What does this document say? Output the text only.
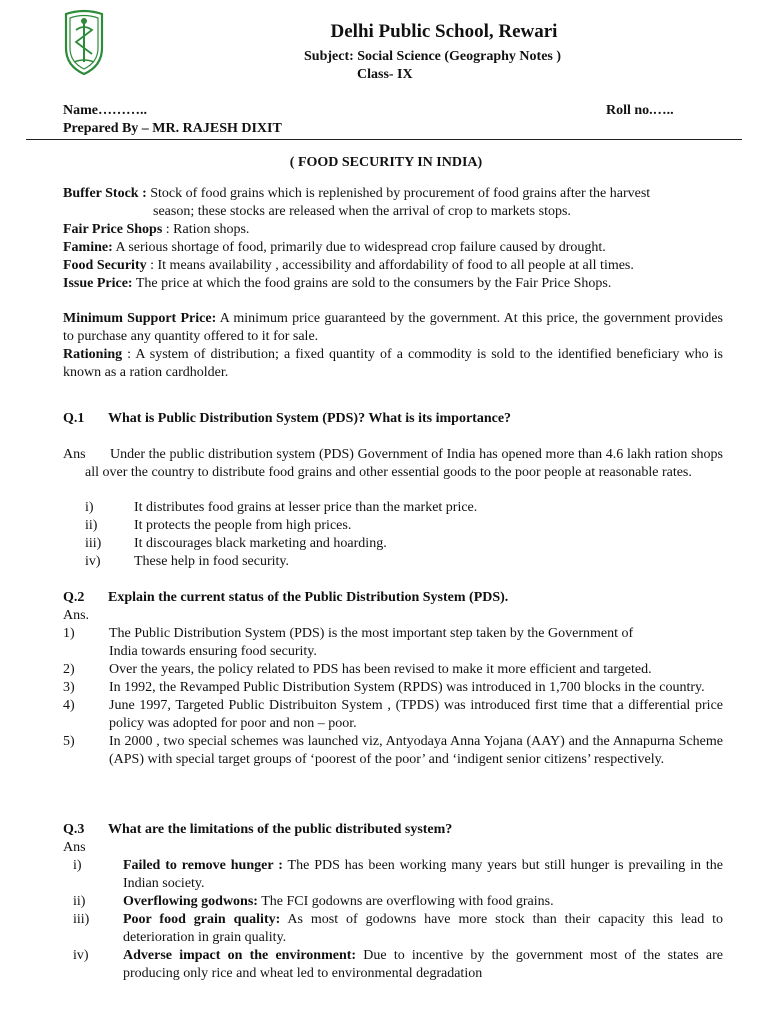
Delhi Public School, Rewari
Subject: Social Science (Geography Notes )
Class- IX
Name………..	Roll no.…..
Prepared By – MR. RAJESH DIXIT
( FOOD SECURITY IN INDIA)
Buffer Stock : Stock of food grains which is replenished by procurement of food grains after the harvest
season; these stocks are released when the arrival of crop to markets stops.
Fair Price Shops : Ration shops.
Famine: A serious shortage of food, primarily due to widespread crop failure caused by drought.
Food Security : It means availability , accessibility and affordability of food to all people at all times.
Issue Price: The price at which the food grains are sold to the consumers by the Fair Price Shops.
Minimum Support Price: A minimum price guaranteed by the government. At this price, the government provides to purchase any quantity offered to it for sale.
Rationing : A system of distribution; a fixed quantity of a commodity is sold to the identified beneficiary who is known as a ration cardholder.
Q.1	What is Public Distribution System (PDS)? What is its importance?
Ans	Under the public distribution system (PDS) Government of India has opened more than 4.6 lakh ration shops all over the country to distribute food grains and other essential goods to the poor people at reasonable rates.
i)	It distributes food grains at lesser price than the market price.
ii)	It protects the people from high prices.
iii) It discourages black marketing and hoarding.
iv) These help in food security.
Q.2	Explain the current status of the Public Distribution System (PDS).
Ans.
1) The Public Distribution System (PDS) is the most important step taken by the Government of
India towards ensuring food security.
2) Over the years, the policy related to PDS has been revised to make it more efficient and targeted.
3) In 1992, the Revamped Public Distribution System (RPDS) was introduced in 1,700 blocks in the country.
4) June 1997, Targeted Public Distribuiton System , (TPDS) was introduced first time that a differential price policy was adopted for poor and non – poor.
5) In 2000 , two special schemes was launched viz, Antyodaya Anna Yojana (AAY) and the Annapurna Scheme (APS) with special target groups of ‘poorest of the poor’ and ‘indigent senior citizens’ respectively.
Q.3	What are the limitations of the public distributed system?
Ans
i)	Failed to remove hunger : The PDS has been working many years but still hunger is prevailing in the Indian society.
ii)	Overflowing godwons: The FCI godowns are overflowing with food grains.
iii) Poor food grain quality: As most of godowns have more stock than their capacity this lead to deterioration in grain quality.
iv) Adverse impact on the environment: Due to incentive by the government most of the states are producing only rice and wheat led to environmental degradation
